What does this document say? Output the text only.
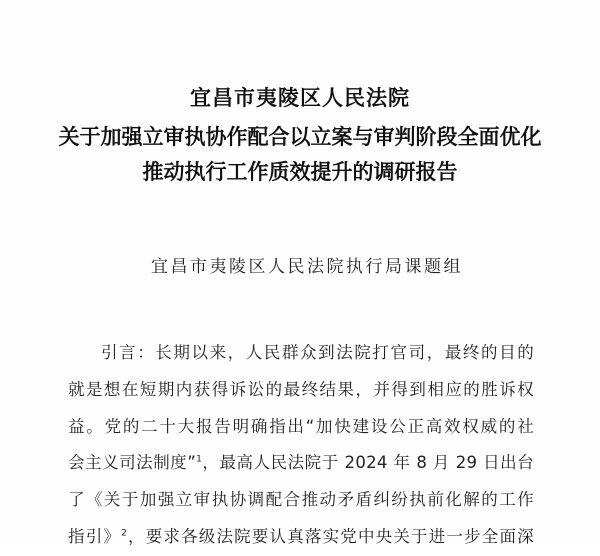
宜昌市夷陵区人民法院
关于加强立审执协作配合以立案与审判阶段全面优化
推动执行工作质效提升的调研报告
宜昌市夷陵区人民法院执行局课题组
引言：长期以来，人民群众到法院打官司，最终的目的
就是想在短期内获得诉讼的最终结果，并得到相应的胜诉权
益。党的二十大报告明确指出“加快建设公正高效权威的社
会主义司法制度”$^1$，最高人民法院于 2024 年 8 月 29 日出台
了《关于加强立审执协调配合推动矛盾纠纷执前化解的工作
指引》$^2$，要求各级法院要认真落实党中央关于进一步全面深
